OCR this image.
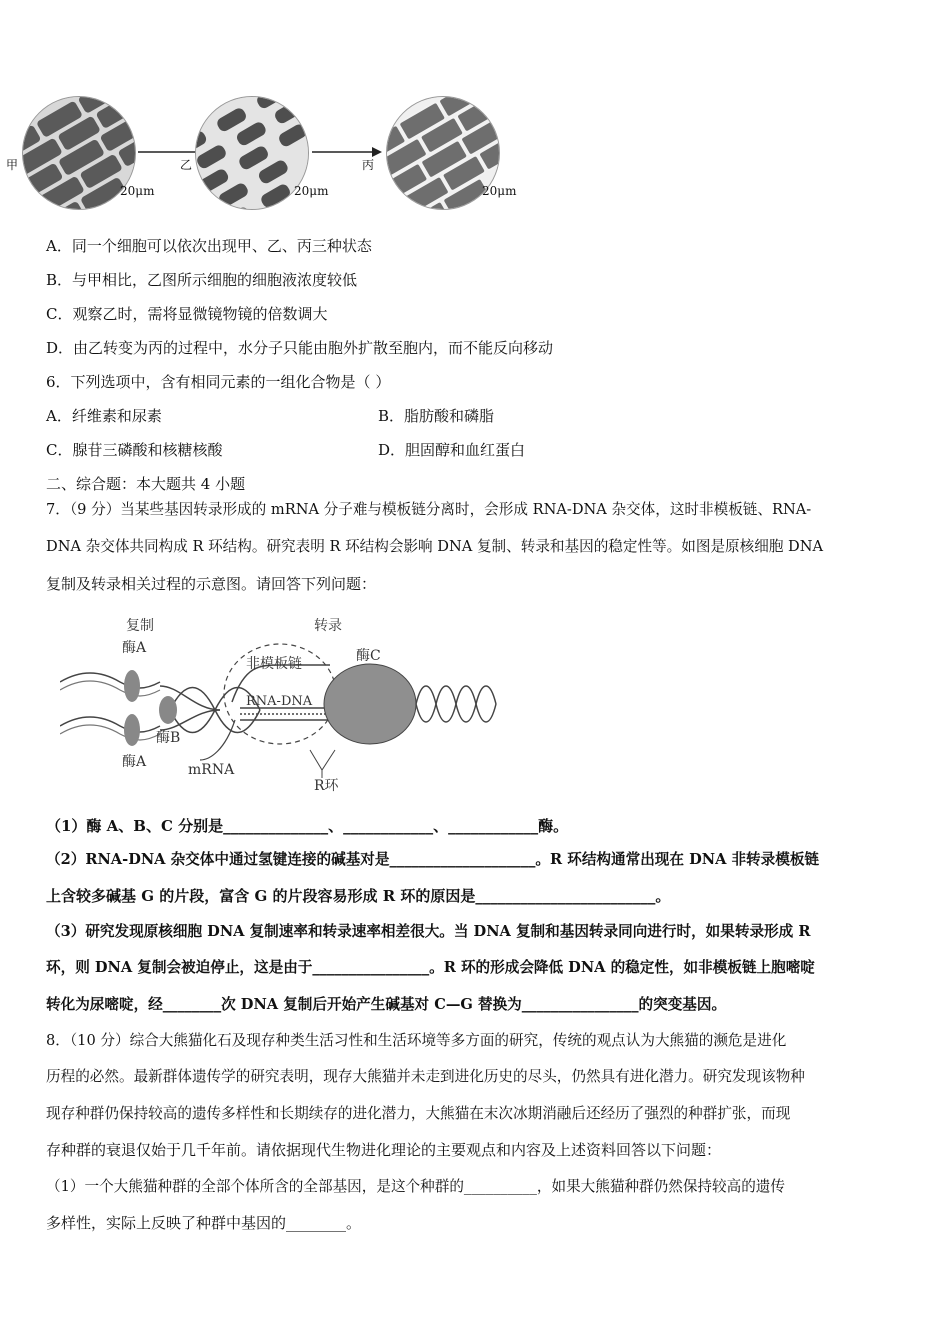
甲
20μm
乙
20μm
丙
20μm
A．同一个细胞可以依次出现甲、乙、丙三种状态
B．与甲相比，乙图所示细胞的细胞液浓度较低
C．观察乙时，需将显微镜物镜的倍数调大
D．由乙转变为丙的过程中，水分子只能由胞外扩散至胞内，而不能反向移动
6．下列选项中，含有相同元素的一组化合物是（ ）
A．纤维素和尿素	B．脂肪酸和磷脂
C．腺苷三磷酸和核糖核酸	D．胆固醇和血红蛋白
二、综合题：本大题共 4 小题
7．（9 分）当某些基因转录形成的 mRNA 分子难与模板链分离时，会形成 RNA-DNA 杂交体，这时非模板链、RNA-
DNA 杂交体共同构成 R 环结构。研究表明 R 环结构会影响 DNA 复制、转录和基因的稳定性等。如图是原核细胞 DNA
复制及转录相关过程的示意图。请回答下列问题：
复制	转录
酶A
酶A
酶B
酶C
非模板链
RNA-DNA
mRNA
R环
（1）酶 A、B、C 分别是______________、____________、____________酶。
（2）RNA-DNA 杂交体中通过氢键连接的碱基对是____________________。R 环结构通常出现在 DNA 非转录模板链
上含较多碱基 G 的片段，富含 G 的片段容易形成 R 环的原因是________________________。
（3）研究发现原核细胞 DNA 复制速率和转录速率相差很大。当 DNA 复制和基因转录同向进行时，如果转录形成 R
环，则 DNA 复制会被迫停止，这是由于________________。R 环的形成会降低 DNA 的稳定性，如非模板链上胞嘧啶
转化为尿嘧啶，经________次 DNA 复制后开始产生碱基对 C—G 替换为________________的突变基因。
8．（10 分）综合大熊猫化石及现存种类生活习性和生活环境等多方面的研究，传统的观点认为大熊猫的濒危是进化
历程的必然。最新群体遗传学的研究表明，现存大熊猫并未走到进化历史的尽头，仍然具有进化潜力。研究发现该物种
现存种群仍保持较高的遗传多样性和长期续存的进化潜力，大熊猫在末次冰期消融后还经历了强烈的种群扩张，而现
存种群的衰退仅始于几千年前。请依据现代生物进化理论的主要观点和内容及上述资料回答以下问题：
（1）一个大熊猫种群的全部个体所含的全部基因，是这个种群的__________，如果大熊猫种群仍然保持较高的遗传
多样性，实际上反映了种群中基因的________。
